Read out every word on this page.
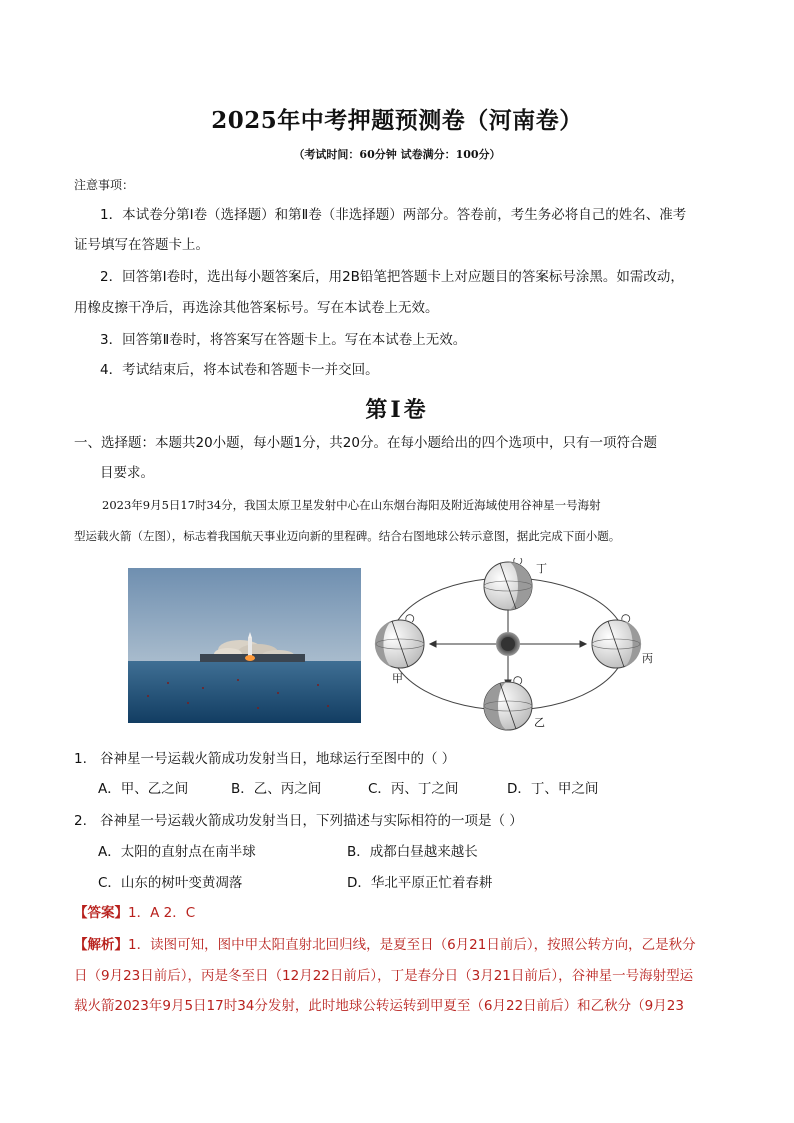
2025年中考押题预测卷（河南卷）
（考试时间：60分钟 试卷满分：100分）
注意事项：
1．本试卷分第Ⅰ卷（选择题）和第Ⅱ卷（非选择题）两部分。答卷前，考生务必将自己的姓名、准考
证号填写在答题卡上。
2．回答第Ⅰ卷时，选出每小题答案后，用2B铅笔把答题卡上对应题目的答案标号涂黑。如需改动，
用橡皮擦干净后，再选涂其他答案标号。写在本试卷上无效。
3．回答第Ⅱ卷时，将答案写在答题卡上。写在本试卷上无效。
4．考试结束后，将本试卷和答题卡一并交回。
第Ⅰ卷
一、选择题：本题共20小题，每小题1分，共20分。在每小题给出的四个选项中，只有一项符合题
目要求。
2023年9月5日17时34分，我国太原卫星发射中心在山东烟台海阳及附近海域使用谷神星一号海射
型运载火箭（左图），标志着我国航天事业迈向新的里程碑。结合右图地球公转示意图，据此完成下面小题。
丁
丙
乙
甲
1. 谷神星一号运载火箭成功发射当日，地球运行至图中的（ ）
A．甲、乙之间	B．乙、丙之间	C．丙、丁之间	D．丁、甲之间
2. 谷神星一号运载火箭成功发射当日，下列描述与实际相符的一项是（ ）
A．太阳的直射点在南半球	B．成都白昼越来越长
C．山东的树叶变黄凋落	D．华北平原正忙着春耕
【答案】1．A 2．C
【解析】1．读图可知，图中甲太阳直射北回归线，是夏至日（6月21日前后），按照公转方向，乙是秋分
日（9月23日前后），丙是冬至日（12月22日前后），丁是春分日（3月21日前后），谷神星一号海射型运
载火箭2023年9月5日17时34分发射，此时地球公转运转到甲夏至（6月22日前后）和乙秋分（9月23
